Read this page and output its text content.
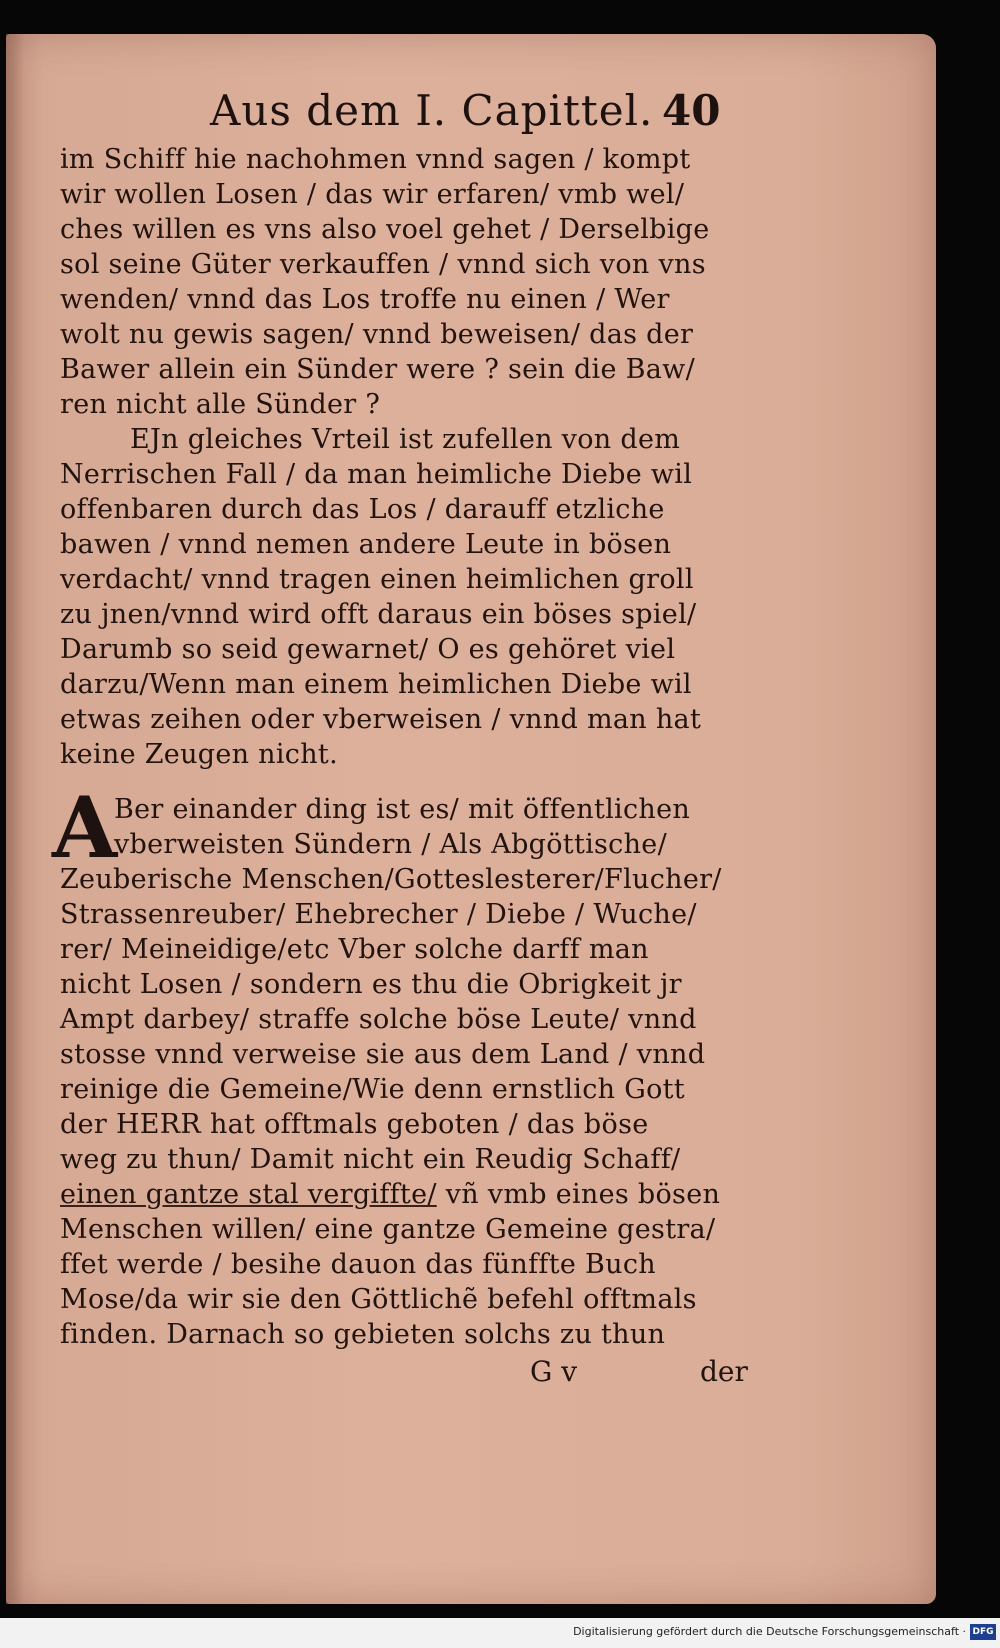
Aus dem I. Capittel. 40
im Schiff hie nachohmen vnnd sagen / kompt
wir wollen Losen / das wir erfaren/ vmb wel/
ches willen es vns also voel gehet / Derselbige
sol seine Güter verkauffen / vnnd sich von vns
wenden/ vnnd das Los troffe nu einen / Wer
wolt nu gewis sagen/ vnnd beweisen/ das der
Bawer allein ein Sünder were ? sein die Baw/
ren nicht alle Sünder ?
EJn gleiches Vrteil ist zufellen von dem
Nerrischen Fall / da man heimliche Diebe wil
offenbaren durch das Los / darauff etzliche
bawen / vnnd nemen andere Leute in bösen
verdacht/ vnnd tragen einen heimlichen groll
zu jnen/vnnd wird offt daraus ein böses spiel/
Darumb so seid gewarnet/ O es gehöret viel
darzu/Wenn man einem heimlichen Diebe wil
etwas zeihen oder vberweisen / vnnd man hat
keine Zeugen nicht.
A
Ber einander ding ist es/ mit öffentlichen
vberweisten Sündern / Als Abgöttische/
Zeuberische Menschen/Gotteslesterer/Flucher/
Strassenreuber/ Ehebrecher / Diebe / Wuche/
rer/ Meineidige/etc Vber solche darff man
nicht Losen / sondern es thu die Obrigkeit jr
Ampt darbey/ straffe solche böse Leute/ vnnd
stosse vnnd verweise sie aus dem Land / vnnd
reinige die Gemeine/Wie denn ernstlich Gott
der HERR hat offtmals geboten / das böse
weg zu thun/ Damit nicht ein Reudig Schaff/
einen gantze stal vergiffte/ vñ vmb eines bösen
Menschen willen/ eine gantze Gemeine gestra/
ffet werde / besihe dauon das fünffte Buch
Mose/da wir sie den Göttlichẽ befehl offtmals
finden. Darnach so gebieten solchs zu thun
G v	der
Digitalisierung gefördert durch die Deutsche Forschungsgemeinschaft · DFG
